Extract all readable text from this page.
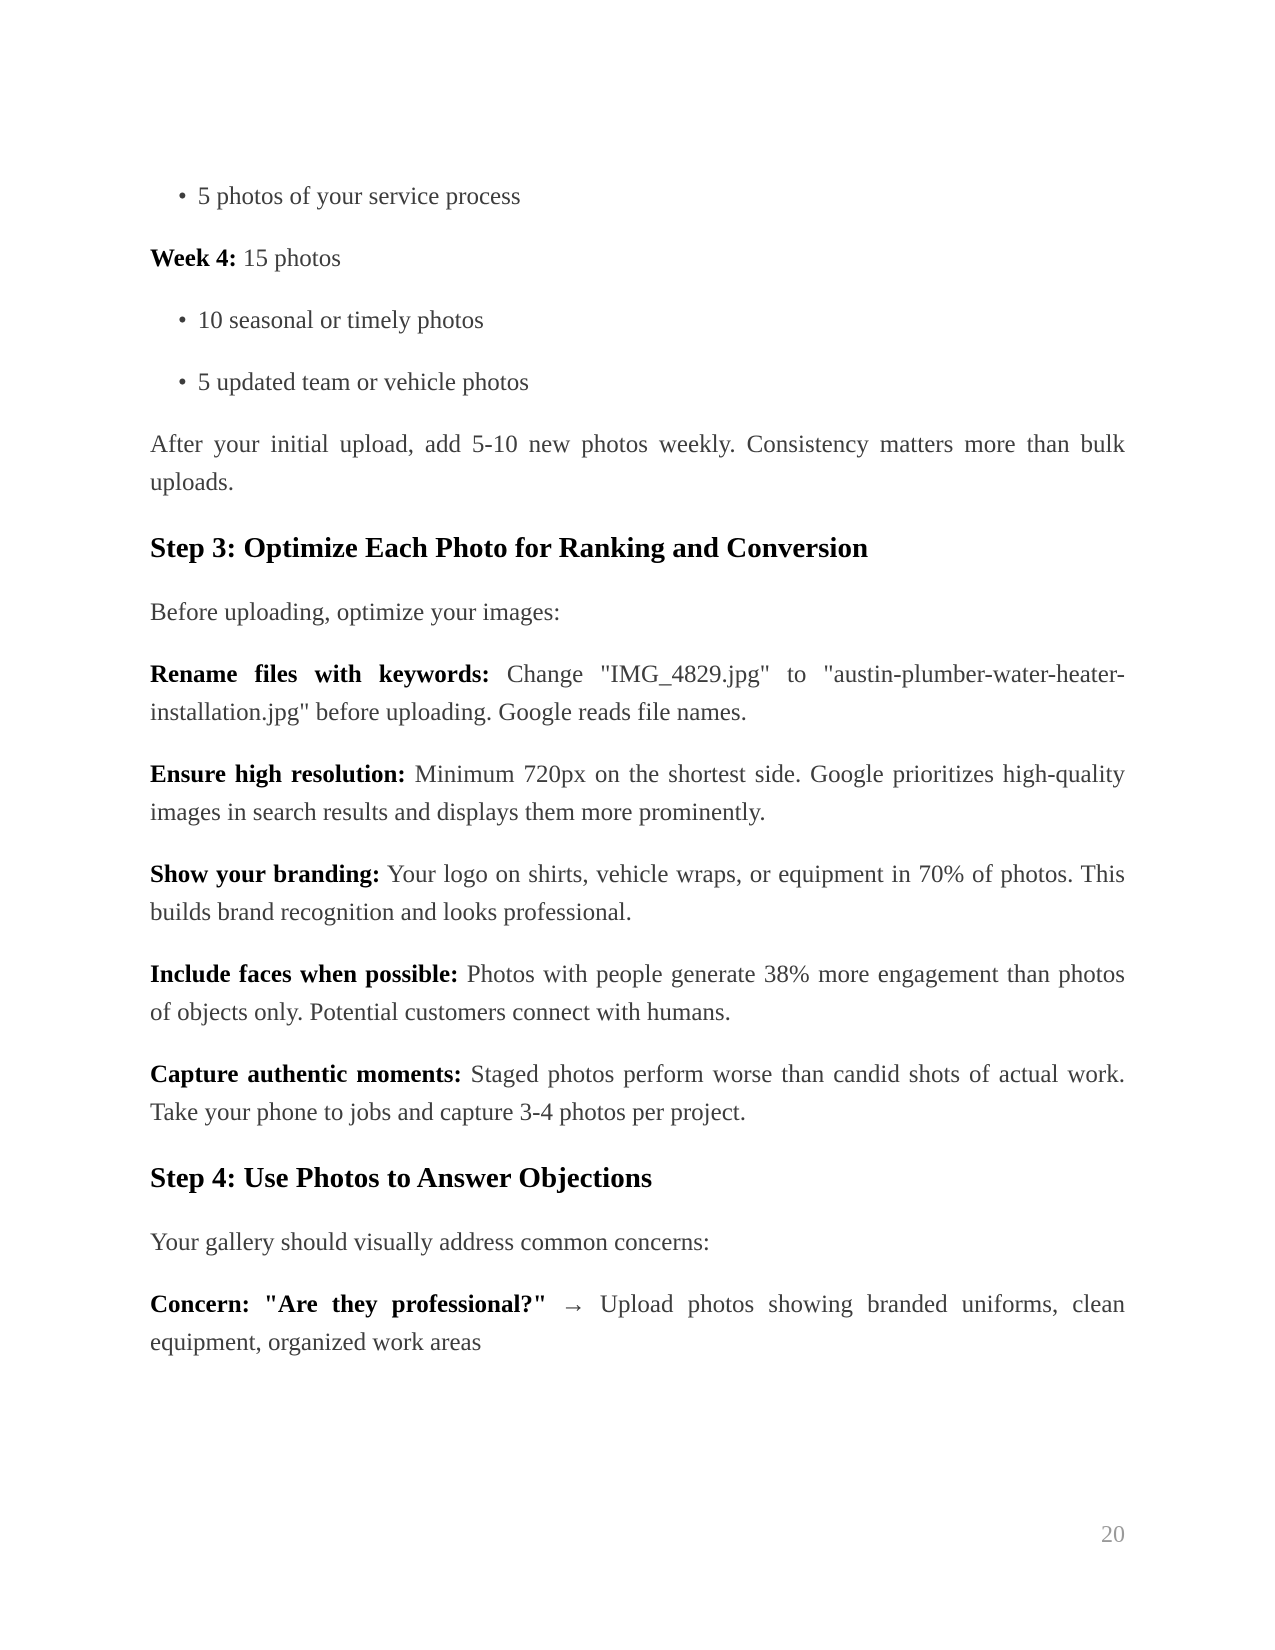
• 5 photos of your service process

Week 4: 15 photos

• 10 seasonal or timely photos

• 5 updated team or vehicle photos

After your initial upload, add 5-10 new photos weekly. Consistency matters more than bulk uploads.

Step 3: Optimize Each Photo for Ranking and Conversion

Before uploading, optimize your images:

Rename files with keywords: Change "IMG_4829.jpg" to "austin-plumber-water-heater-installation.jpg" before uploading. Google reads file names.

Ensure high resolution: Minimum 720px on the shortest side. Google prioritizes high-quality images in search results and displays them more prominently.

Show your branding: Your logo on shirts, vehicle wraps, or equipment in 70% of photos. This builds brand recognition and looks professional.

Include faces when possible: Photos with people generate 38% more engagement than photos of objects only. Potential customers connect with humans.

Capture authentic moments: Staged photos perform worse than candid shots of actual work. Take your phone to jobs and capture 3-4 photos per project.

Step 4: Use Photos to Answer Objections

Your gallery should visually address common concerns:

Concern: "Are they professional?" → Upload photos showing branded uniforms, clean equipment, organized work areas

20
